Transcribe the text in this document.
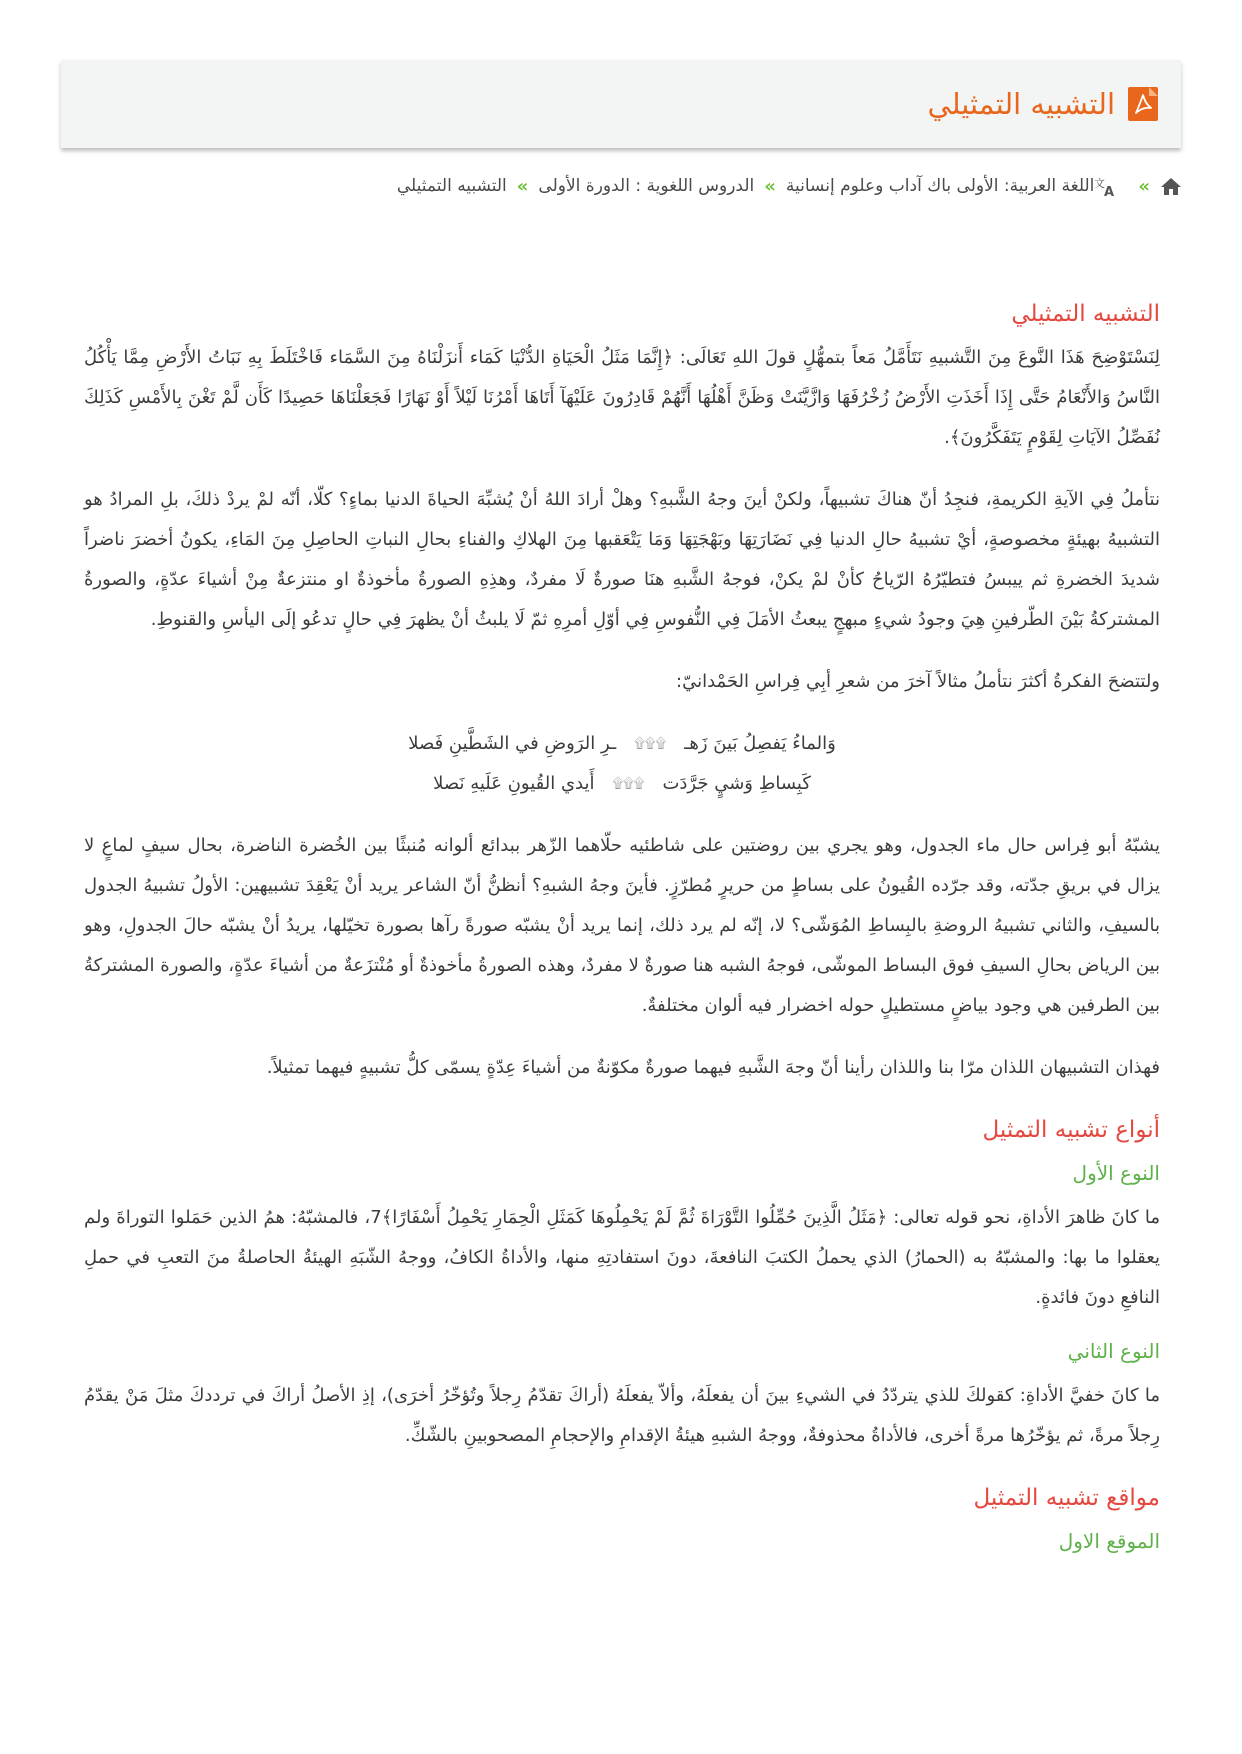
التشبيه التمثيلي
»
文
A
اللغة العربية: الأولى باك آداب وعلوم إنسانية
»
الدروس اللغوية : الدورة الأولى
»
التشبيه التمثيلي
التشبيه التمثيلي

لِنَسْتَوْضِحَ هَذَا النَّوعَ مِنَ التَّشبيهِ نَتَأَمَّلُ مَعاً بتمهُّلٍ قولَ اللهِ تَعَالَى: ﴿إِنَّمَا مَثَلُ الْحَيَاةِ الدُّنْيَا كَمَاء أَنزَلْنَاهُ مِنَ السَّمَاء فَاخْتَلَطَ بِهِ نَبَاتُ الأَرْضِ مِمَّا يَأْكُلُ النَّاسُ وَالأَنْعَامُ حَتَّى إِذَا أَخَذَتِ الأَرْضُ زُخْرُفَهَا وَازَّيَّنَتْ وَظَنَّ أَهْلُهَا أَنَّهُمْ قَادِرُونَ عَلَيْهَآ أَتَاهَا أَمْرُنَا لَيْلاً أَوْ نَهَارًا فَجَعَلْنَاهَا حَصِيدًا كَأَن لَّمْ تَغْنَ بِالأَمْسِ كَذَلِكَ نُفَصِّلُ الآيَاتِ لِقَوْمٍ يَتَفَكَّرُونَ﴾.

نتأملُ فِي الآيةِ الكريمةِ، فنجِدُ أنّ هناكَ تشبيهاً، ولكنْ أينَ وجهُ الشَّبهِ؟ وهلْ أرادَ اللهُ أنْ يُشبِّهَ الحياةَ الدنيا بماءٍ؟ كلّا، أنّه لمْ يردْ ذلكَ، بلِ المرادُ هو التشبيهُ بهيئةٍ مخصوصةٍ، أيْ تشبيهُ حالِ الدنيا فِي نَضَارَتِهَا وبَهْجَتِهَا وَمَا يَتْعَقبها مِنَ الهلاكِ والفناءِ بحالِ النباتِ الحاصِلِ مِنَ المَاءِ، يكونُ أخضرَ ناضراً شديدَ الخضرةِ ثم ييبسُ فتطيّرُهُ الرّياحُ كأنْ لمْ يكنْ، فوجهُ الشَّبهِ هنَا صورةٌ لَا مفردٌ، وهذِهِ الصورةُ مأخوذةٌ او منتزعةٌ مِنْ أشياءَ عدّةٍ، والصورةُ المشتركةُ بَيْنَ الطّرفينِ هِيَ وجودُ شيءٍ مبهجٍ يبعثُ الأمَلَ فِي النُّفوسِ فِي أوّلِ أمرِهِ ثمّ لَا يلبثُ أنْ يظهرَ فِي حالٍ تدعُو إلَى اليأسِ والقنوطِ.

ولتتضحَ الفكرةُ أكثرَ نتأملُ مثالاً آخرَ من شعرِ أبِي فِراسِ الحَمْدانيّ:

وَالماءُ يَفصِلُ بَينَ زَهـ
۩۩۩
ـرِ الرَوضِ في الشَطَّينِ فَصلا
كَبِساطِ وَشيٍ جَرَّدَت
۩۩۩
أَيدي القُيونِ عَلَيهِ نَصلا

يشبّهُ أبو فِراس حال ماء الجدول، وهو يجري بين روضتين على شاطئيه حلّاهما الزّهر ببدائع ألوانه مُنبثًا بين الخُضرة الناضرة، بحال سيفٍ لماعٍ لا يزال في بريقِ جدّته، وقد جرّده القُيونُ على بساطٍ من حريرٍ مُطرّزٍ. فأينَ وجهُ الشبهِ؟ أنظنُّ أنّ الشاعر يريد أنْ يَعْقِدَ تشبيهين: الأولُ تشبيهُ الجدول بالسيفِ، والثاني تشبيهُ الروضةِ بالبِساطِ المُوَشّى؟ لا، إنّه لم يرد ذلك، إنما يريد أنْ يشبّه صورةً رآها بصورة تخيّلها، يريدُ أنْ يشبّه حالَ الجدولِ، وهو بين الرياض بحالِ السيفِ فوق البساط الموشّى، فوجهُ الشبه هنا صورةٌ لا مفردٌ، وهذه الصورةُ مأخوذةٌ أو مُنْتزَعةٌ من أشياءَ عدّةٍ، والصورة المشتركةُ بين الطرفين هي وجود بياضٍ مستطيلٍ حوله اخضرار فيه ألوان مختلفةٌ.

فهذان التشبيهان اللذان مرّا بنا واللذان رأينا أنّ وجهَ الشَّبهِ فيهما صورةٌ مكوّنةٌ من أشياءَ عِدّةٍ يسمّى كلُّ تشبيهٍ فيهما تمثيلاً.

أنواع تشبيه التمثيل
النوع الأول

ما كانَ ظاهرَ الأداةِ، نحو قوله تعالى: ﴿مَثَلُ الَّذِينَ حُمِّلُوا التَّوْرَاةَ ثُمَّ لَمْ يَحْمِلُوهَا كَمَثَلِ الْحِمَارِ يَحْمِلُ أَسْفَارًا﴾7، فالمشبّهُ: همُ الذين حَمَلوا التوراةَ ولم يعقلوا ما بها: والمشبّهُ به (الحمارُ) الذي يحملُ الكتبَ النافعةَ، دونَ استفادتِهِ منها، والأداةُ الكافُ، ووجهُ الشّبَهِ الهيئةُ الحاصلةُ منَ التعبِ في حملِ النافعِ دونَ فائدةٍ.

النوع الثاني

ما كانَ خفيَّ الأداةِ: كقولكَ للذي يتردّدُ في الشيءِ بينَ أن يفعلَهُ، وألاّ يفعلَهُ (أراكَ تقدّمُ رِجلاً وتُؤخّرُ أخرَى)، إذِ الأصلُ أراكَ في ترددكَ مثلَ مَنْ يقدّمُ رِجلاً مرةً، ثم يؤخّرُها مرةً أخرى، فالأداةُ محذوفةٌ، ووجهُ الشبهِ هيئةُ الإقدامِ والإحجامِ المصحوبينِ بالشّكِّ.

مواقع تشبيه التمثيل
الموقع الاول
